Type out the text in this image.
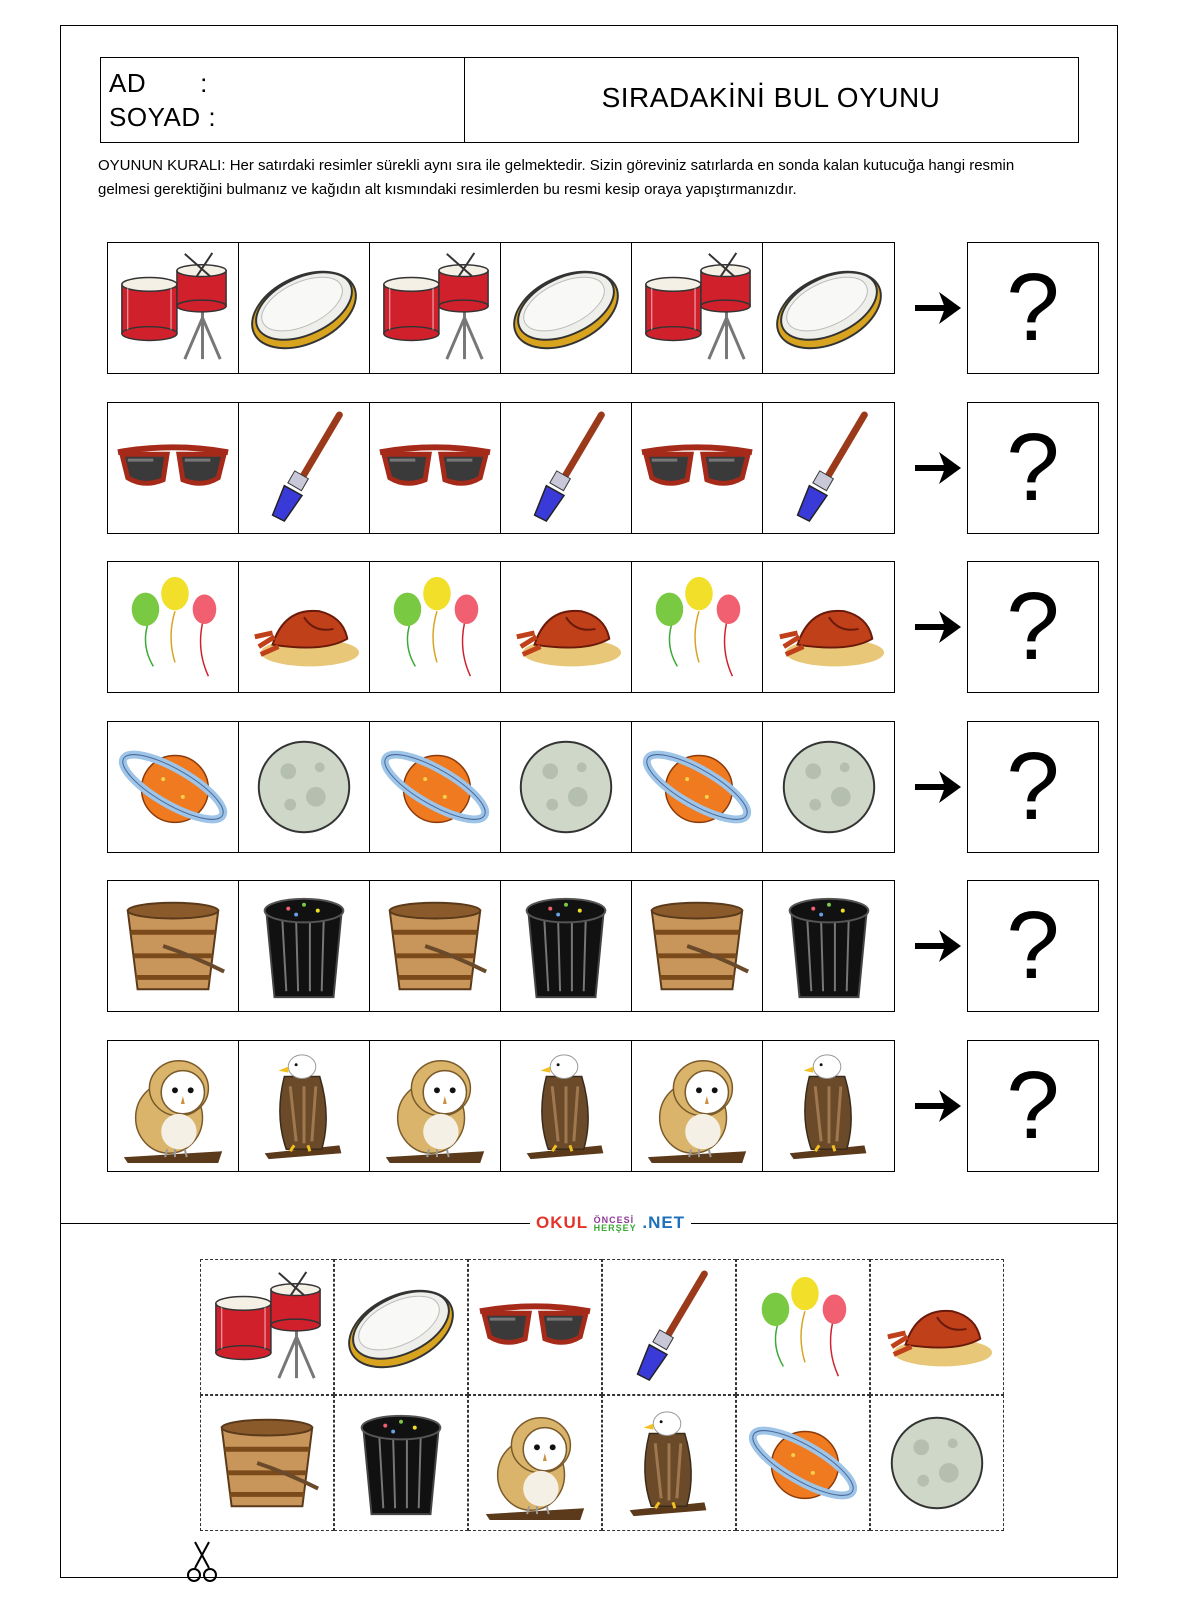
AD       :
SOYAD :
SIRADAKİNİ BUL OYUNU
OYUNUN KURALI: Her satırdaki resimler sürekli aynı sıra ile gelmektedir. Sizin göreviniz satırlarda en sonda kalan kutucuğa hangi resmin gelmesi gerektiğini bulmanız ve kağıdın alt kısmındaki resimlerden bu resmi kesip oraya yapıştırmanızdır.
?
?
?
?
?
?
OKUL ÖNCESİ
HERŞEY .NET
